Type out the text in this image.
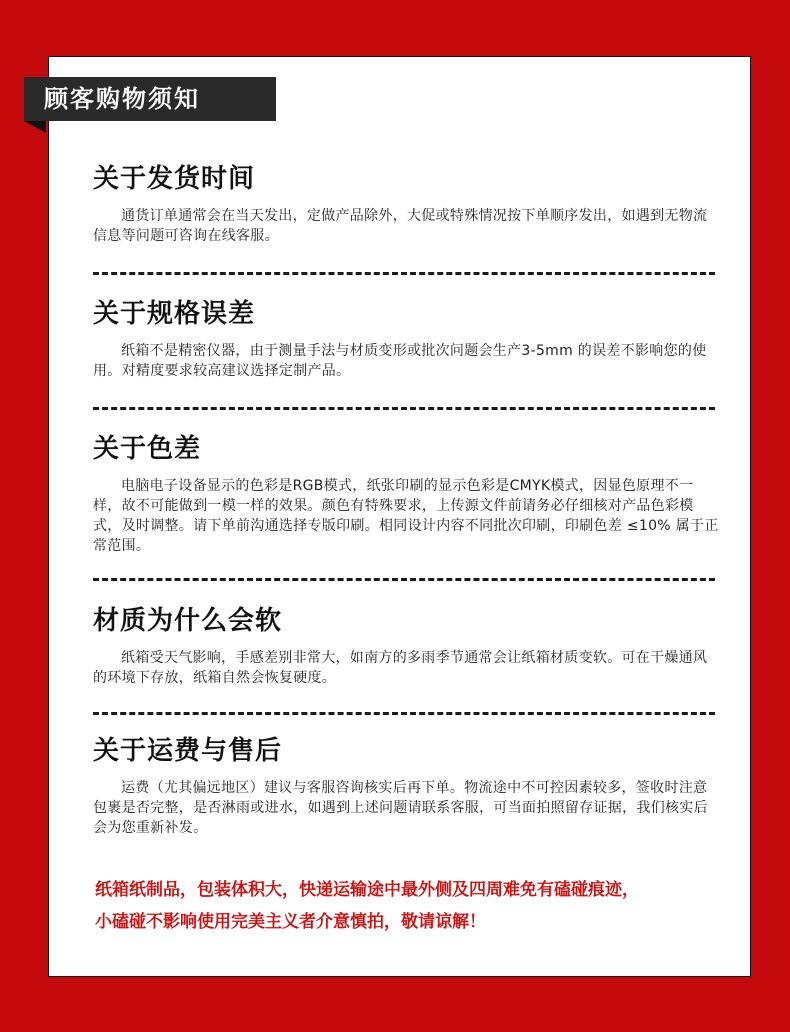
顾客购物须知
关于发货时间

通货订单通常会在当天发出，定做产品除外，大促或特殊情况按下单顺序发出，如遇到无物流信息等问题可咨询在线客服。

关于规格误差

纸箱不是精密仪器，由于测量手法与材质变形或批次问题会生产3-5mm 的误差不影响您的使用。对精度要求较高建议选择定制产品。

关于色差

电脑电子设备显示的色彩是RGB模式，纸张印刷的显示色彩是CMYK模式，因显色原理不一样，故不可能做到一模一样的效果。颜色有特殊要求，上传源文件前请务必仔细核对产品色彩模式，及时调整。请下单前沟通选择专版印刷。相同设计内容不同批次印刷，印刷色差 ≤10% 属于正常范围。

材质为什么会软

纸箱受天气影响，手感差别非常大，如南方的多雨季节通常会让纸箱材质变软。可在干燥通风的环境下存放，纸箱自然会恢复硬度。

关于运费与售后

运费（尤其偏远地区）建议与客服咨询核实后再下单。物流途中不可控因素较多，签收时注意包裹是否完整，是否淋雨或进水，如遇到上述问题请联系客服，可当面拍照留存证据，我们核实后会为您重新补发。

纸箱纸制品，包装体积大，快递运输途中最外侧及四周难免有磕碰痕迹，

小磕碰不影响使用完美主义者介意慎拍，敬请谅解！
